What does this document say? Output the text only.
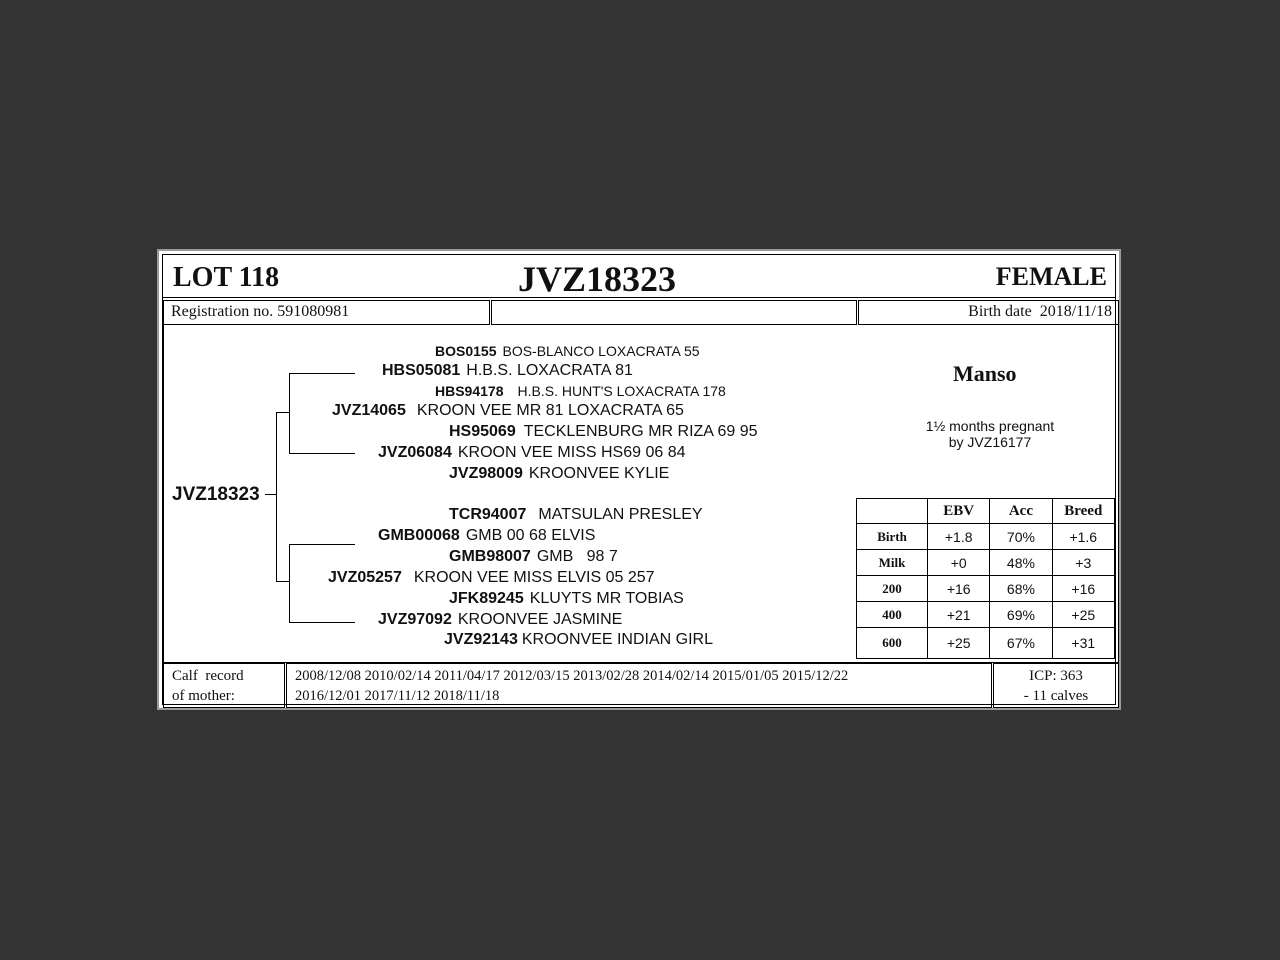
LOT 118	JVZ18323	FEMALE
Registration no. 591080981	Birth date 2018/11/18
JVZ18323
BOS0155 BOS-BLANCO LOXACRATA 55
HBS05081 H.B.S. LOXACRATA 81
HBS94178 H.B.S. HUNT'S LOXACRATA 178
JVZ14065 KROON VEE MR 81 LOXACRATA 65
HS95069 TECKLENBURG MR RIZA 69 95
JVZ06084 KROON VEE MISS HS69 06 84
JVZ98009 KROONVEE KYLIE
TCR94007 MATSULAN PRESLEY
GMB00068 GMB 00 68 ELVIS
GMB98007 GMB   98 7
JVZ05257 KROON VEE MISS ELVIS 05 257
JFK89245 KLUYTS MR TOBIAS
JVZ97092 KROONVEE JASMINE
JVZ92143 KROONVEE INDIAN GIRL
Manso
1½ months pregnant
by JVZ16177
	EBV	Acc	Breed
Birth	+1.8	70%	+1.6
Milk	+0	48%	+3
200	+16	68%	+16
400	+21	69%	+25
600	+25	67%	+31
Calf  record
of mother:
2008/12/08 2010/02/14 2011/04/17 2012/03/15 2013/02/28 2014/02/14 2015/01/05 2015/12/22
2016/12/01 2017/11/12 2018/11/18
ICP: 363
- 11 calves
